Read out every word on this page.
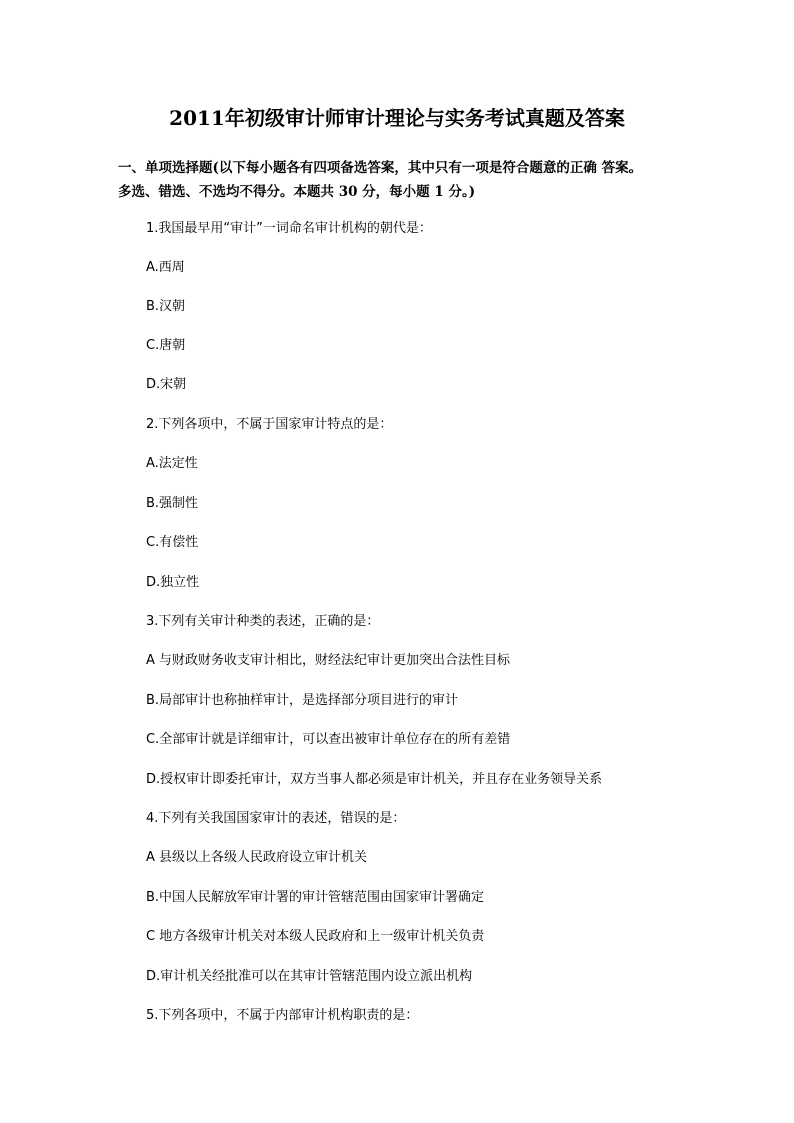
2011年初级审计师审计理论与实务考试真题及答案
一、单项选择题(以下每小题各有四项备选答案，其中只有一项是符合题意的正确 答案。
多选、错选、不选均不得分。本题共 30 分，每小题 1 分。)
1.我国最早用“审计”一词命名审计机构的朝代是：
A.西周
B.汉朝
C.唐朝
D.宋朝
2.下列各项中，不属于国家审计特点的是：
A.法定性
B.强制性
C.有偿性
D.独立性
3.下列有关审计种类的表述，正确的是：
A 与财政财务收支审计相比，财经法纪审计更加突出合法性目标
B.局部审计也称抽样审计，是选择部分项目进行的审计
C.全部审计就是详细审计，可以查出被审计单位存在的所有差错
D.授权审计即委托审计，双方当事人都必须是审计机关，并且存在业务领导关系
4.下列有关我国国家审计的表述，错误的是：
A 县级以上各级人民政府设立审计机关
B.中国人民解放军审计署的审计管辖范围由国家审计署确定
C 地方各级审计机关对本级人民政府和上一级审计机关负责
D.审计机关经批准可以在其审计管辖范围内设立派出机构
5.下列各项中，不属于内部审计机构职责的是：
